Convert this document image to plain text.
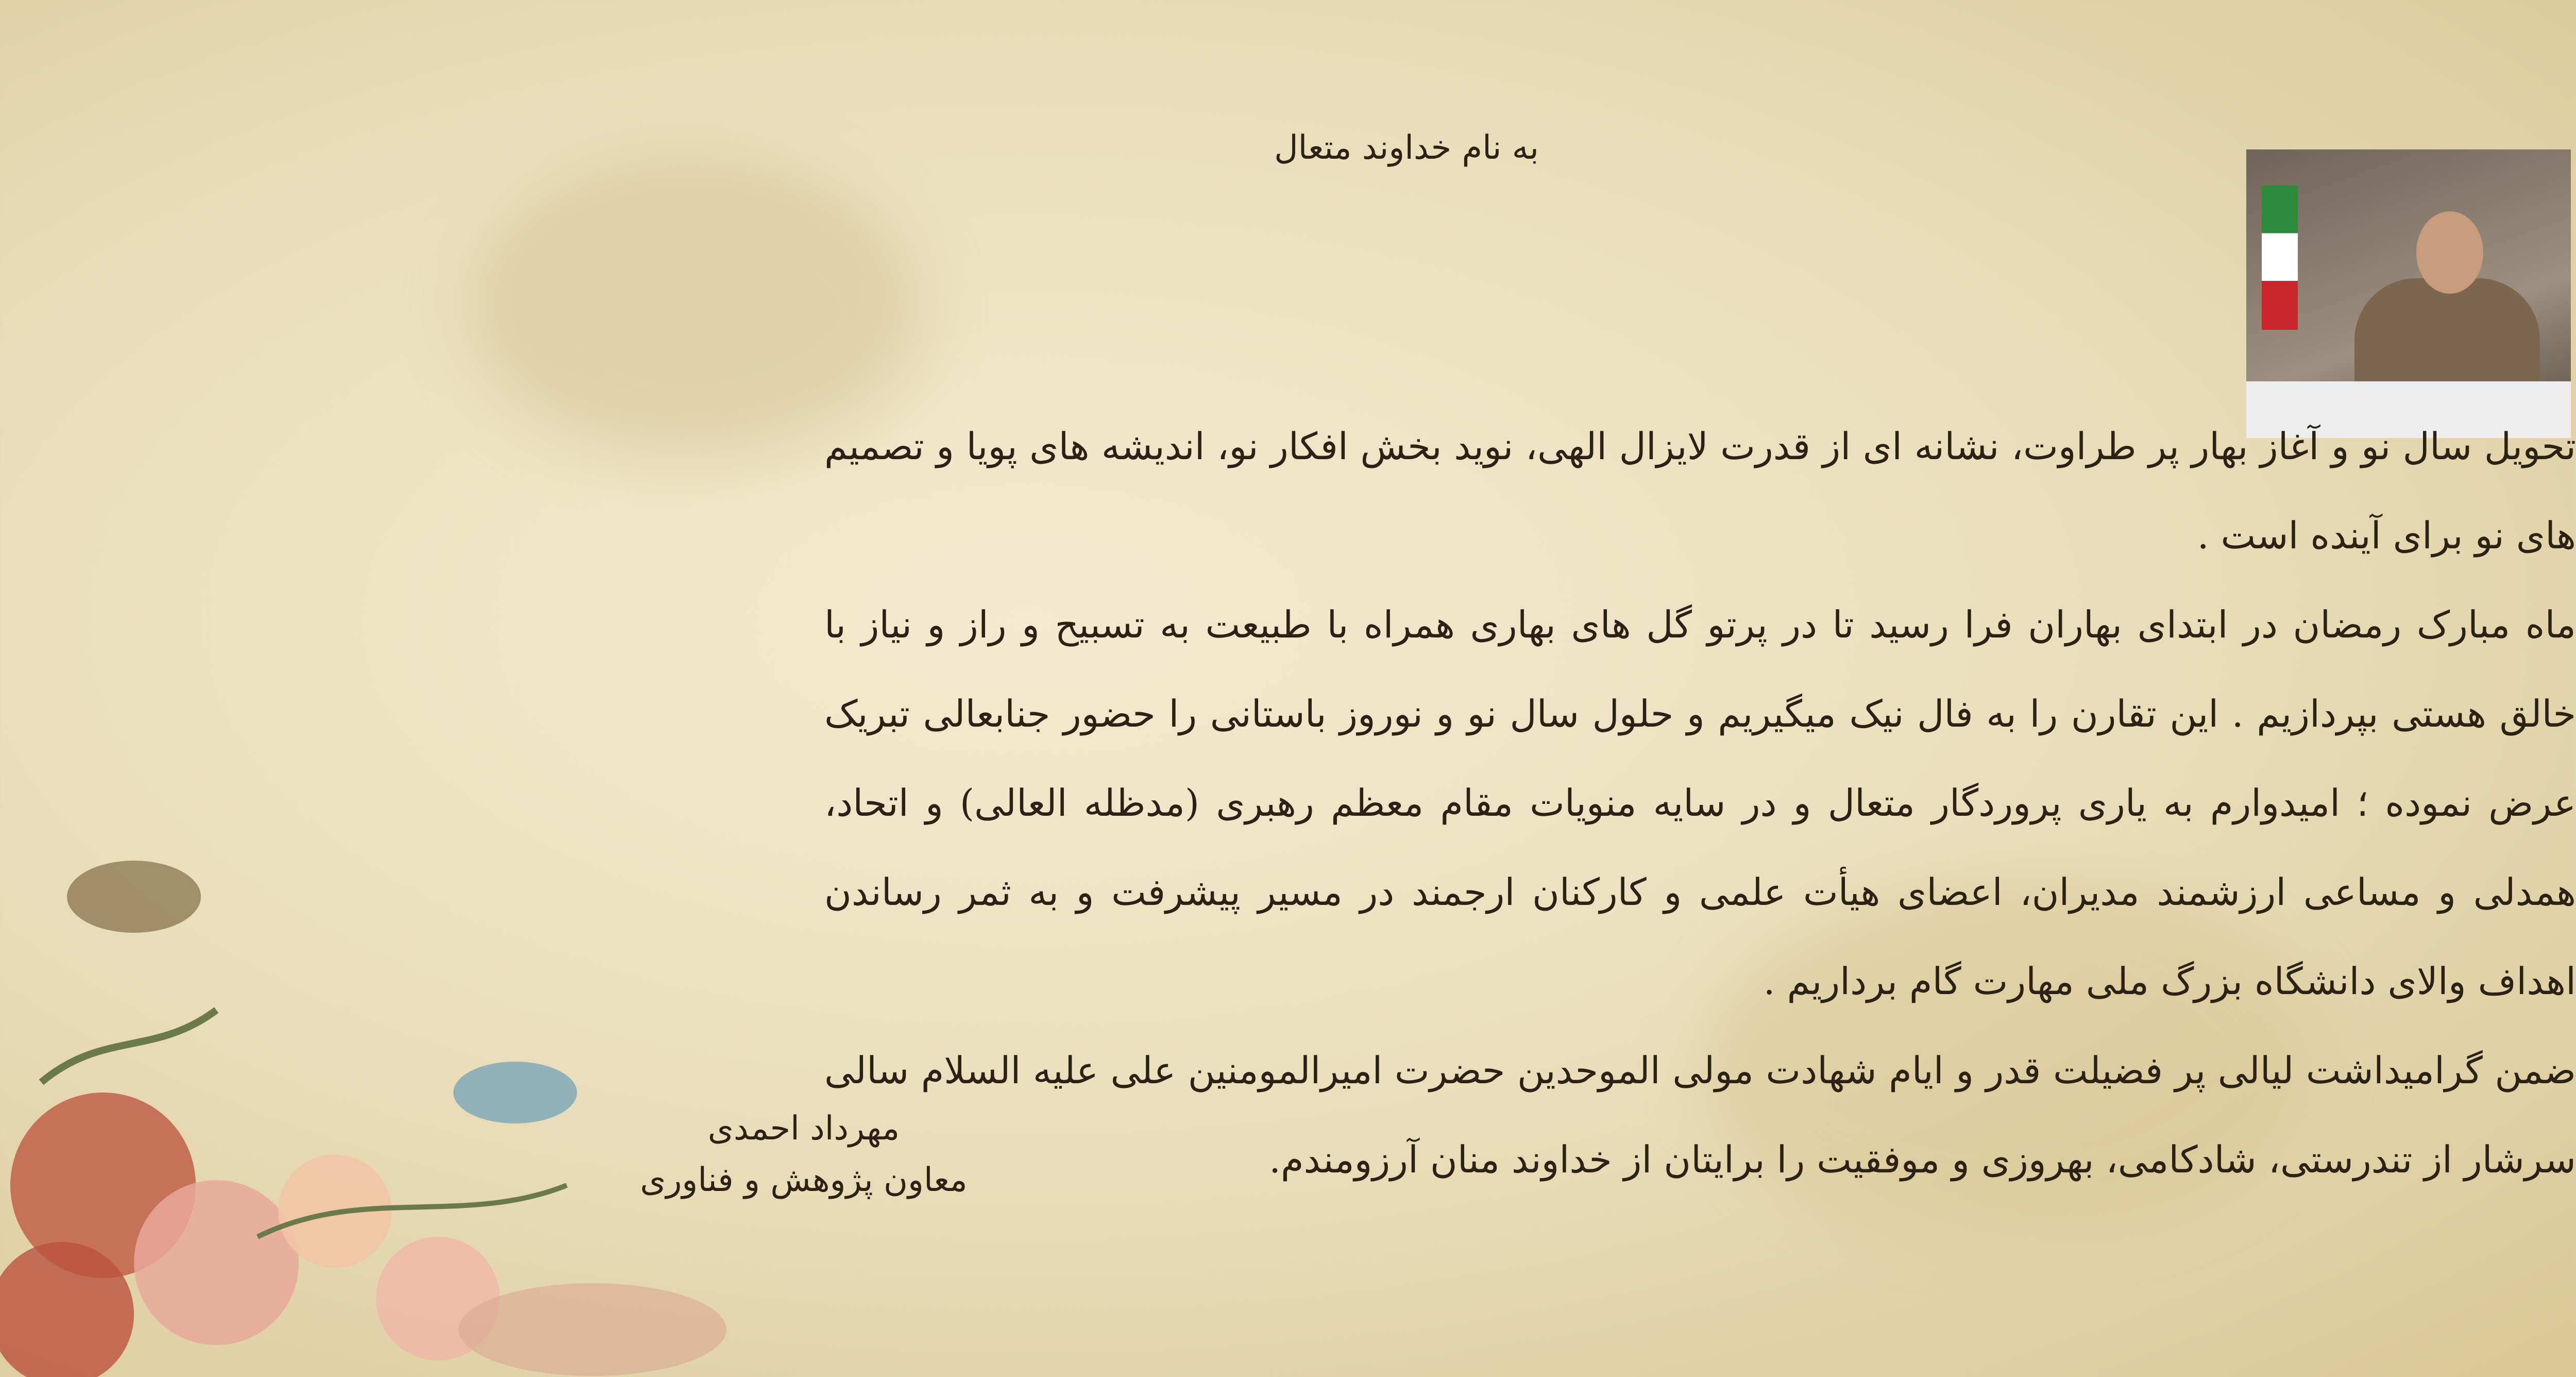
به نام خداوند متعال

تحویل سال نو و آغاز بهار پر طراوت، نشانه ای از قدرت لایزال الهی، نوید بخش افکار نو، اندیشه های پویا و تصمیم های نو برای آینده است .

ماه مبارک رمضان در ابتدای بهاران فرا رسید تا در پرتو گل های بهاری همراه با طبیعت به تسبیح و راز و نیاز با خالق هستی بپردازیم . این تقارن را به فال نیک میگیریم و حلول سال نو و نوروز باستانی را حضور جنابعالی تبریک عرض نموده ؛ امیدوارم به یاری پروردگار متعال و در سایه منویات مقام معظم رهبری (مدظله العالی) و اتحاد، همدلی و مساعی ارزشمند مدیران، اعضای هیأت علمی و کارکنان ارجمند در مسیر پیشرفت و به ثمر رساندن اهداف والای دانشگاه بزرگ ملی مهارت گام برداریم .

ضمن گرامیداشت لیالی پر فضیلت قدر و ایام شهادت مولی الموحدین حضرت امیرالمومنین علی علیه السلام سالی سرشار از تندرستی، شادکامی، بهروزی و موفقیت را برایتان از خداوند منان آرزومندم.

مهرداد احمدی
معاون پژوهش و فناوری
